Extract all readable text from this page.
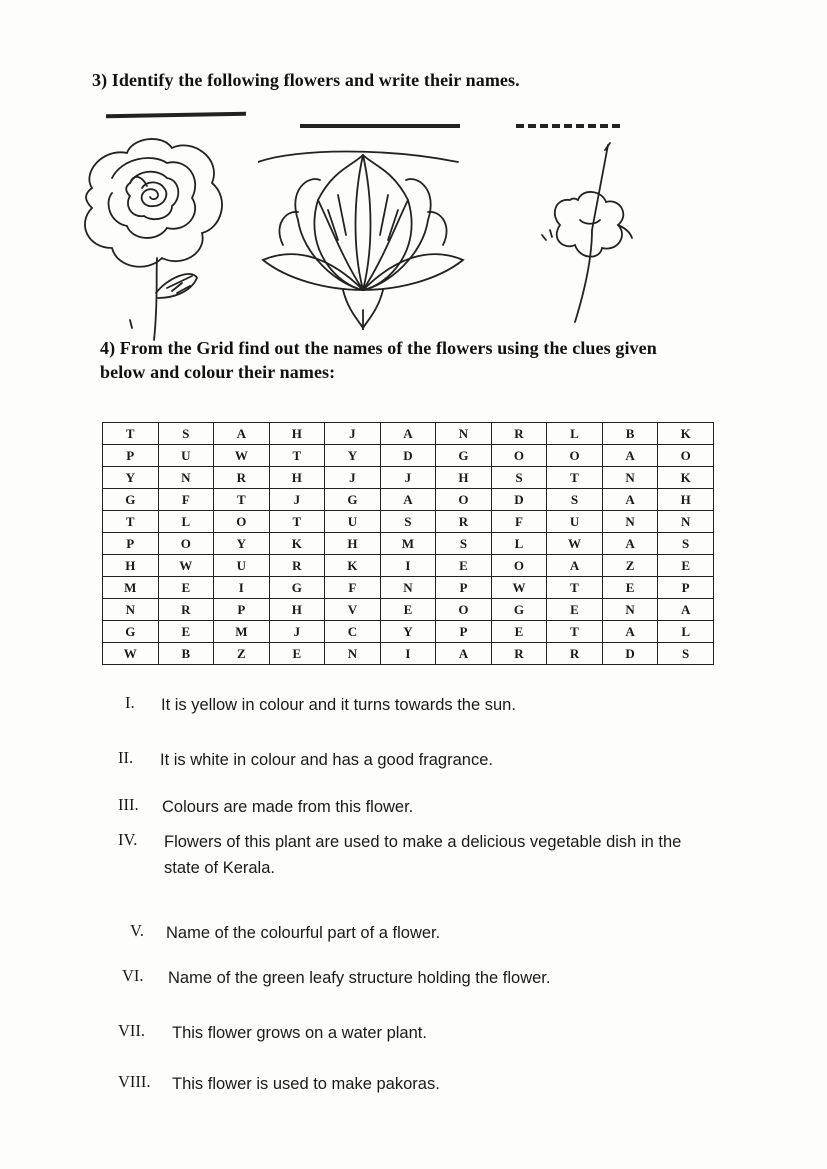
3) Identify the following flowers and write their names.
4) From the Grid find out the names of the flowers using the clues given below and colour their names:
T	S	A	H	J	A	N	R	L	B	K
P	U	W	T	Y	D	G	O	O	A	O
Y	N	R	H	J	J	H	S	T	N	K
G	F	T	J	G	A	O	D	S	A	H
T	L	O	T	U	S	R	F	U	N	N
P	O	Y	K	H	M	S	L	W	A	S
H	W	U	R	K	I	E	O	A	Z	E
M	E	I	G	F	N	P	W	T	E	P
N	R	P	H	V	E	O	G	E	N	A
G	E	M	J	C	Y	P	E	T	A	L
W	B	Z	E	N	I	A	R	R	D	S
I. It is yellow in colour and it turns towards the sun.
II. It is white in colour and has a good fragrance.
III. Colours are made from this flower.
IV. Flowers of this plant are used to make a delicious vegetable dish in the
state of Kerala.
V. Name of the colourful part of a flower.
VI. Name of the green leafy structure holding the flower.
VII. This flower grows on a water plant.
VIII. This flower is used to make pakoras.
